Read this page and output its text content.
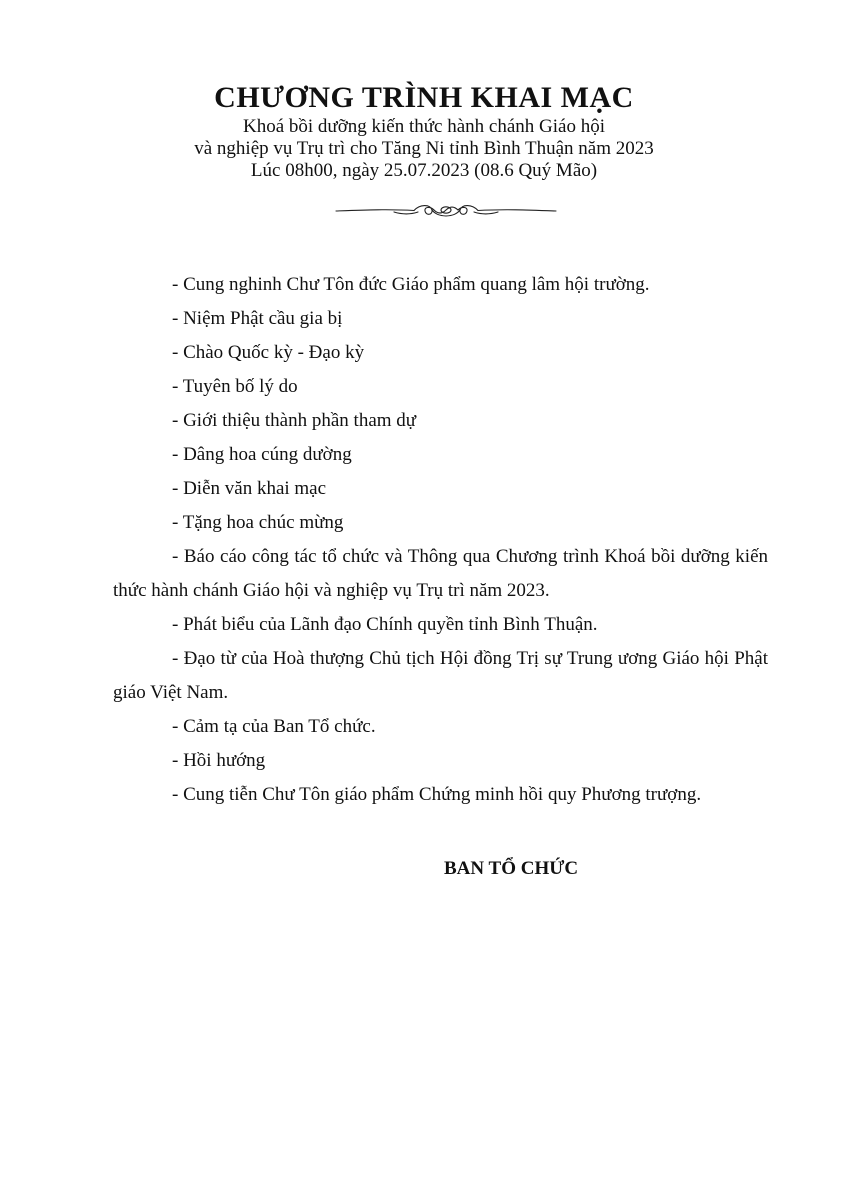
CHƯƠNG TRÌNH KHAI MẠC

Khoá bồi dưỡng kiến thức hành chánh Giáo hội

và nghiệp vụ Trụ trì cho Tăng Ni tỉnh Bình Thuận năm 2023

Lúc 08h00, ngày 25.07.2023 (08.6 Quý Mão)

- Cung nghinh Chư Tôn đức Giáo phẩm quang lâm hội trường.

- Niệm Phật cầu gia bị

- Chào Quốc kỳ - Đạo kỳ

- Tuyên bố lý do

- Giới thiệu thành phần tham dự

- Dâng hoa cúng dường

- Diễn văn khai mạc

- Tặng hoa chúc mừng

- Báo cáo công tác tổ chức và Thông qua Chương trình Khoá bồi dưỡng kiến thức hành chánh Giáo hội và nghiệp vụ Trụ trì năm 2023.

- Phát biểu của Lãnh đạo Chính quyền tỉnh Bình Thuận.

- Đạo từ của Hoà thượng Chủ tịch Hội đồng Trị sự Trung ương Giáo hội Phật giáo Việt Nam.

- Cảm tạ của Ban Tổ chức.

- Hồi hướng

- Cung tiễn Chư Tôn giáo phẩm Chứng minh hồi quy Phương trượng.

BAN TỔ CHỨC
